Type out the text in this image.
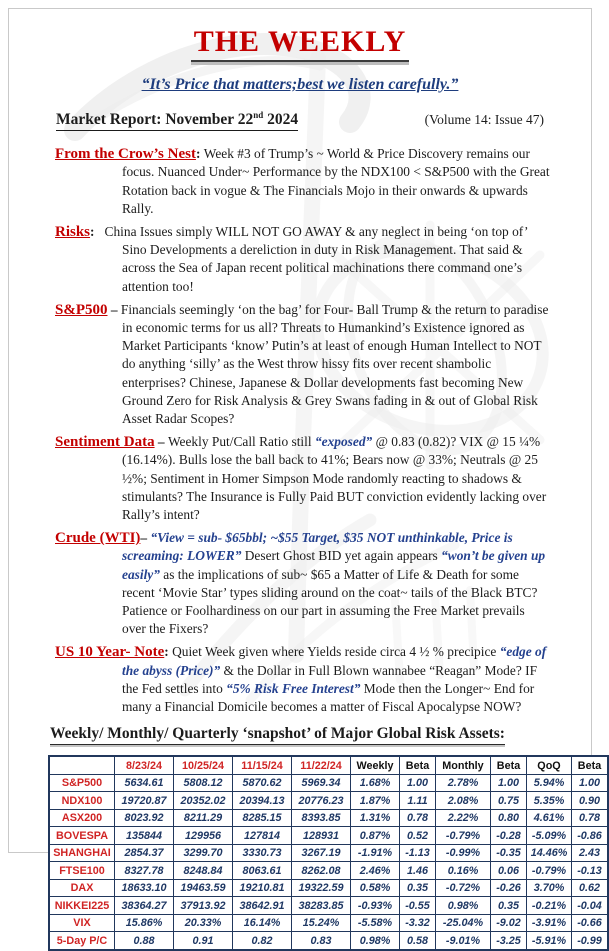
THE WEEKLY
“It’s Price that matters;best we listen carefully.”
Market Report: November 22nd 2024	(Volume 14: Issue 47)
From the Crow’s Nest: Week #3 of Trump’s ~ World & Price Discovery remains our focus. Nuanced Under~ Performance by the NDX100 < S&P500 with the Great Rotation back in vogue & The Financials Mojo in their onwards & upwards Rally.
Risks:   China Issues simply WILL NOT GO AWAY & any neglect in being ‘on top of’ Sino Developments a dereliction in duty in Risk Management. That said & across the Sea of Japan recent political machinations there command one’s attention too!
S&P500 – Financials seemingly ‘on the bag’ for Four- Ball Trump & the return to paradise in economic terms for us all? Threats to Humankind’s Existence ignored as Market Participants ‘know’ Putin’s at least of enough Human Intellect to NOT do anything ‘silly’ as the West throw hissy fits over recent shambolic enterprises? Chinese, Japanese & Dollar developments fast becoming New Ground Zero for Risk Analysis & Grey Swans fading in & out of Global Risk Asset Radar Scopes?
Sentiment Data – Weekly Put/Call Ratio still “exposed” @ 0.83 (0.82)? VIX @ 15 ¼% (16.14%). Bulls lose the ball back to 41%; Bears now @ 33%; Neutrals @ 25 ½%; Sentiment in Homer Simpson Mode randomly reacting to shadows & stimulants? The Insurance is Fully Paid BUT conviction evidently lacking over Rally’s intent?
Crude (WTI)– “View = sub- $65bbl; ~$55 Target, $35 NOT unthinkable, Price is screaming: LOWER” Desert Ghost BID yet again appears “won’t be given up easily” as the implications of sub~ $65 a Matter of Life & Death for some recent ‘Movie Star’ types sliding around on the coat~ tails of the Black BTC? Patience or Foolhardiness on our part in assuming the Free Market prevails over the Fixers?
US 10 Year- Note: Quiet Week given where Yields reside circa 4 ½ % precipice “edge of the abyss (Price)” & the Dollar in Full Blown wannabee “Reagan” Mode? IF the Fed settles into “5% Risk Free Interest” Mode then the Longer~ End for many a Financial Domicile becomes a matter of Fiscal Apocalypse NOW?
Weekly/ Monthly/ Quarterly ‘snapshot’ of Major Global Risk Assets:
	8/23/24	10/25/24	11/15/24	11/22/24	Weekly	Beta	Monthly	Beta	QoQ	Beta
S&P500	5634.61	5808.12	5870.62	5969.34	1.68%	1.00	2.78%	1.00	5.94%	1.00
NDX100	19720.87	20352.02	20394.13	20776.23	1.87%	1.11	2.08%	0.75	5.35%	0.90
ASX200	8023.92	8211.29	8285.15	8393.85	1.31%	0.78	2.22%	0.80	4.61%	0.78
BOVESPA	135844	129956	127814	128931	0.87%	0.52	-0.79%	-0.28	-5.09%	-0.86
SHANGHAI	2854.37	3299.70	3330.73	3267.19	-1.91%	-1.13	-0.99%	-0.35	14.46%	2.43
FTSE100	8327.78	8248.84	8063.61	8262.08	2.46%	1.46	0.16%	0.06	-0.79%	-0.13
DAX	18633.10	19463.59	19210.81	19322.59	0.58%	0.35	-0.72%	-0.26	3.70%	0.62
NIKKEI225	38364.27	37913.92	38642.91	38283.85	-0.93%	-0.55	0.98%	0.35	-0.21%	-0.04
VIX	15.86%	20.33%	16.14%	15.24%	-5.58%	-3.32	-25.04%	-9.02	-3.91%	-0.66
5-Day P/C	0.88	0.91	0.82	0.83	0.98%	0.58	-9.01%	-3.25	-5.91%	-0.99
